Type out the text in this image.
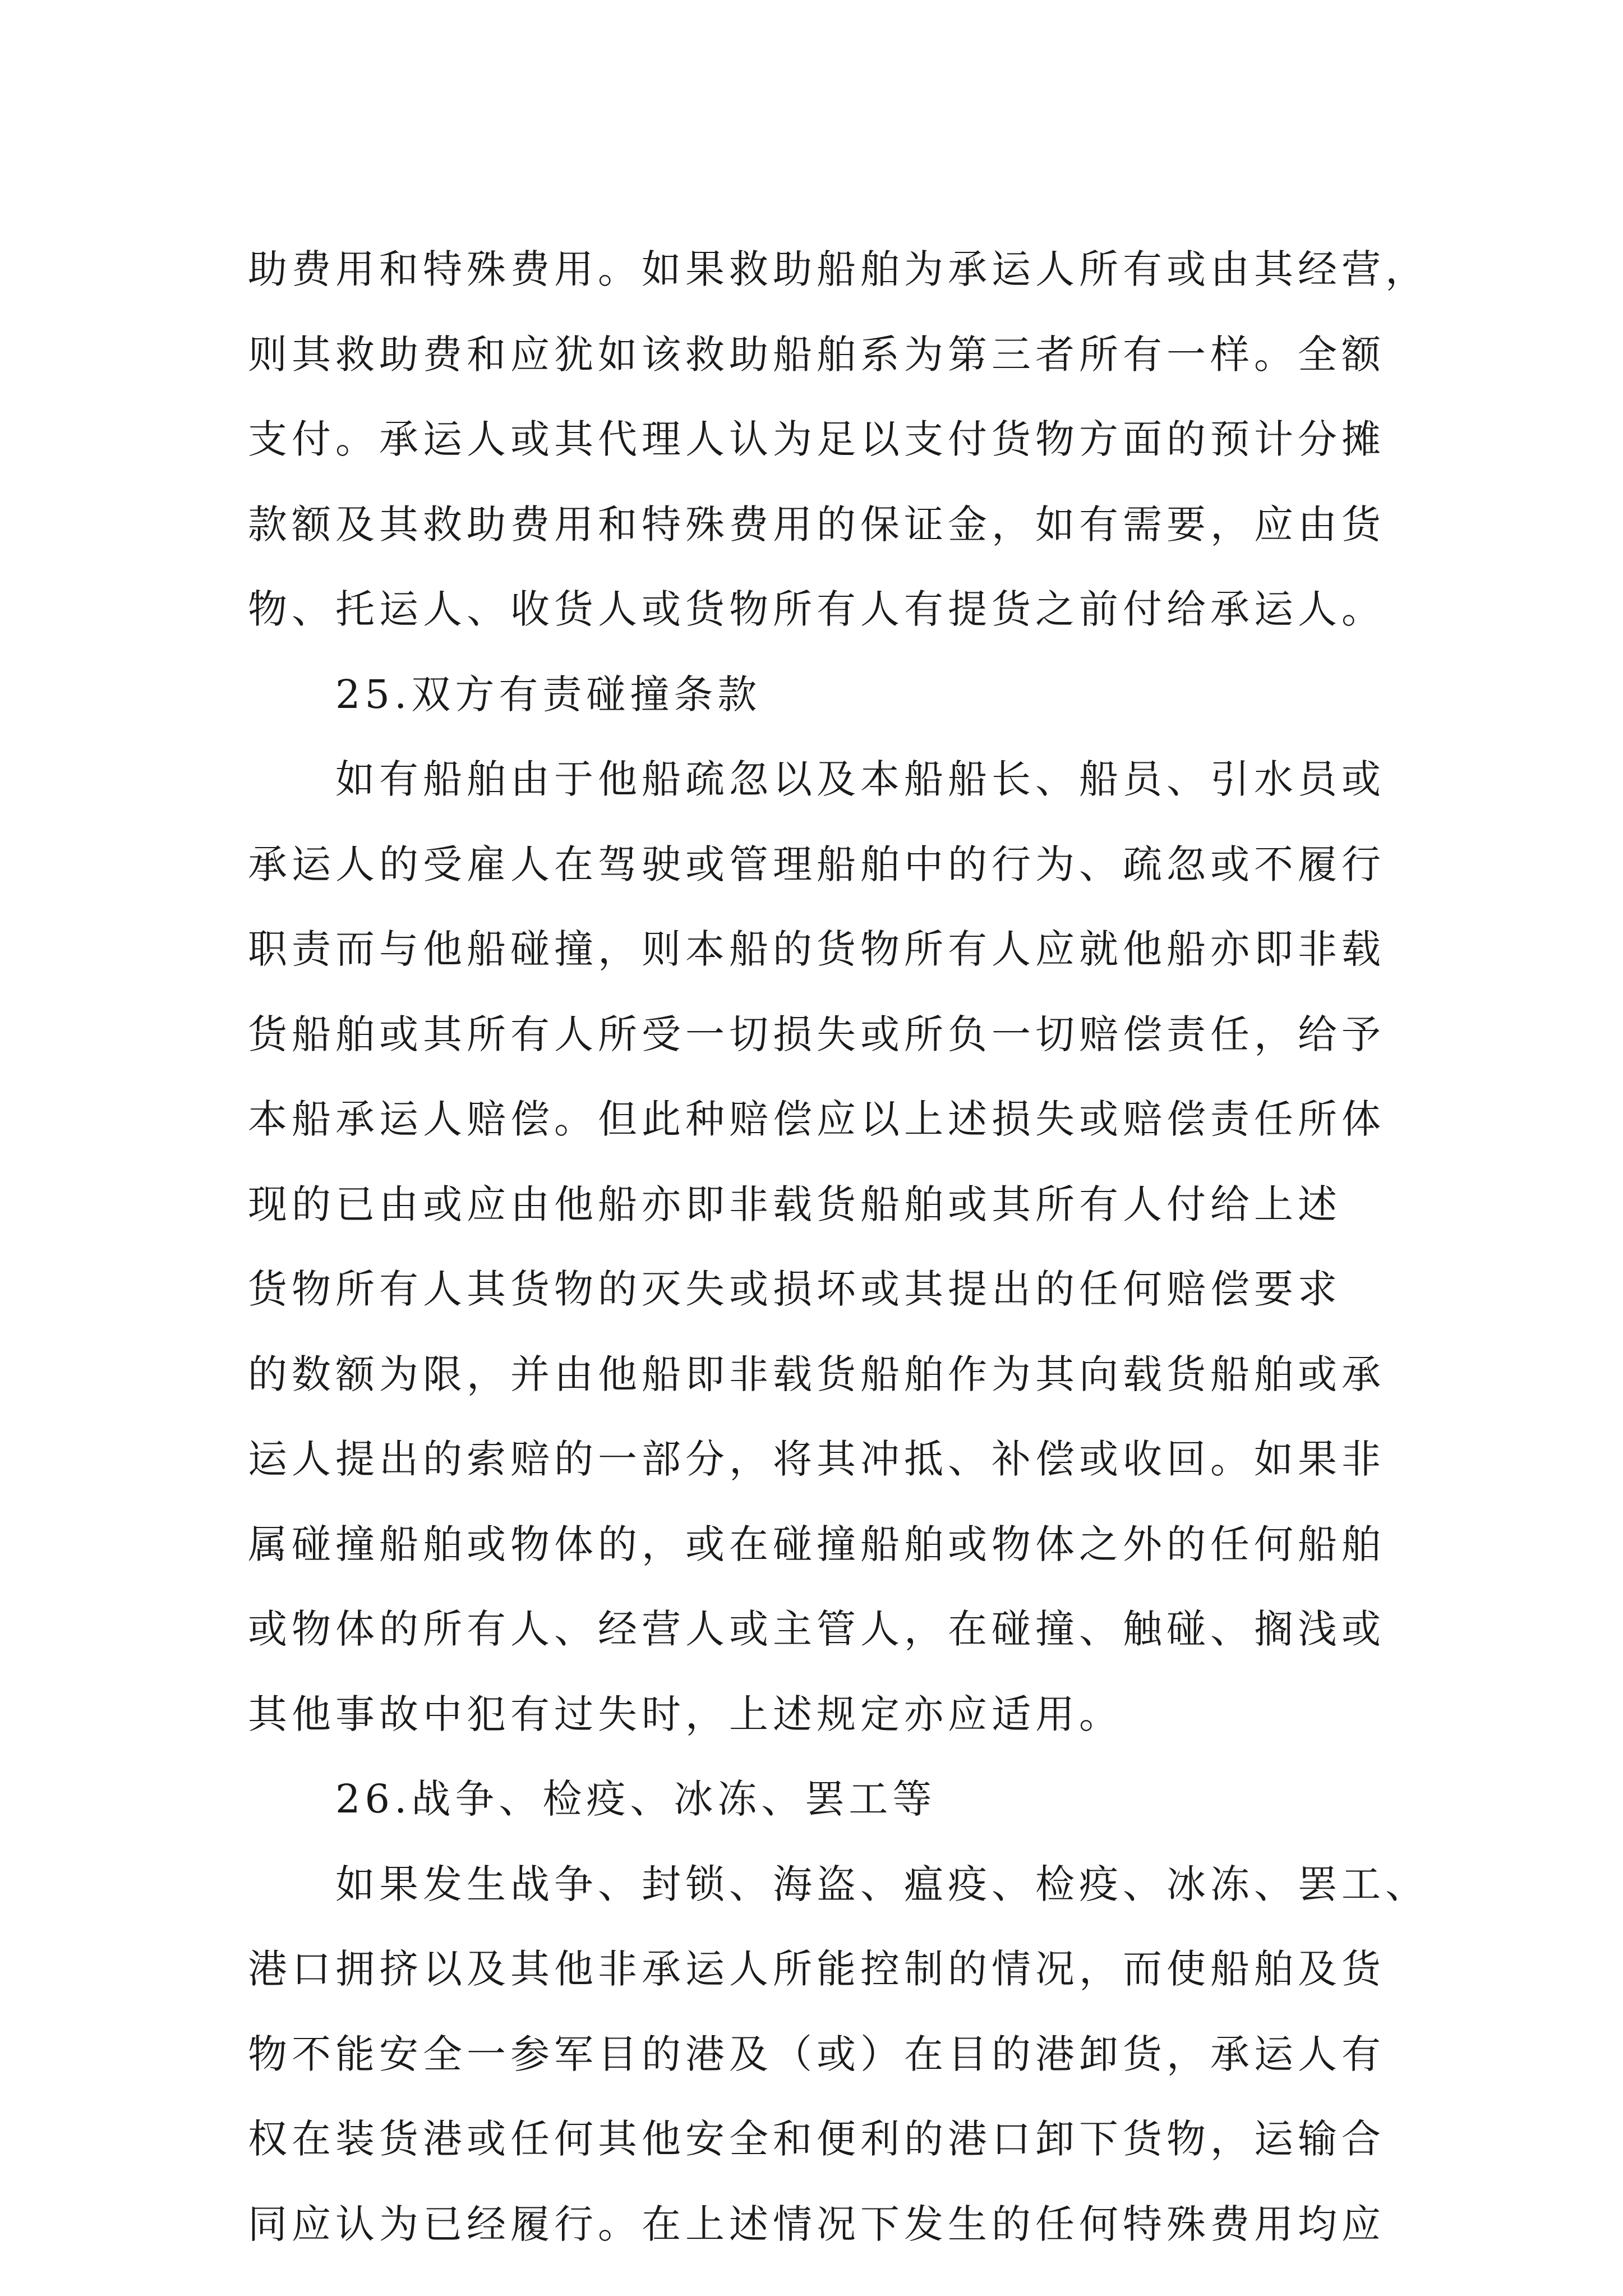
助费用和特殊费用。如果救助船舶为承运人所有或由其经营，
则其救助费和应犹如该救助船舶系为第三者所有一样。全额
支付。承运人或其代理人认为足以支付货物方面的预计分摊
款额及其救助费用和特殊费用的保证金，如有需要，应由货
物、托运人、收货人或货物所有人有提货之前付给承运人。
25.双方有责碰撞条款
如有船舶由于他船疏忽以及本船船长、船员、引水员或
承运人的受雇人在驾驶或管理船舶中的行为、疏忽或不履行
职责而与他船碰撞，则本船的货物所有人应就他船亦即非载
货船舶或其所有人所受一切损失或所负一切赔偿责任，给予
本船承运人赔偿。但此种赔偿应以上述损失或赔偿责任所体
现的已由或应由他船亦即非载货船舶或其所有人付给上述
货物所有人其货物的灭失或损坏或其提出的任何赔偿要求
的数额为限，并由他船即非载货船舶作为其向载货船舶或承
运人提出的索赔的一部分，将其冲抵、补偿或收回。如果非
属碰撞船舶或物体的，或在碰撞船舶或物体之外的任何船舶
或物体的所有人、经营人或主管人，在碰撞、触碰、搁浅或
其他事故中犯有过失时，上述规定亦应适用。
26.战争、检疫、冰冻、罢工等
如果发生战争、封锁、海盗、瘟疫、检疫、冰冻、罢工、
港口拥挤以及其他非承运人所能控制的情况，而使船舶及货
物不能安全一参军目的港及（或）在目的港卸货，承运人有
权在装货港或任何其他安全和便利的港口卸下货物，运输合
同应认为已经履行。在上述情况下发生的任何特殊费用均应
